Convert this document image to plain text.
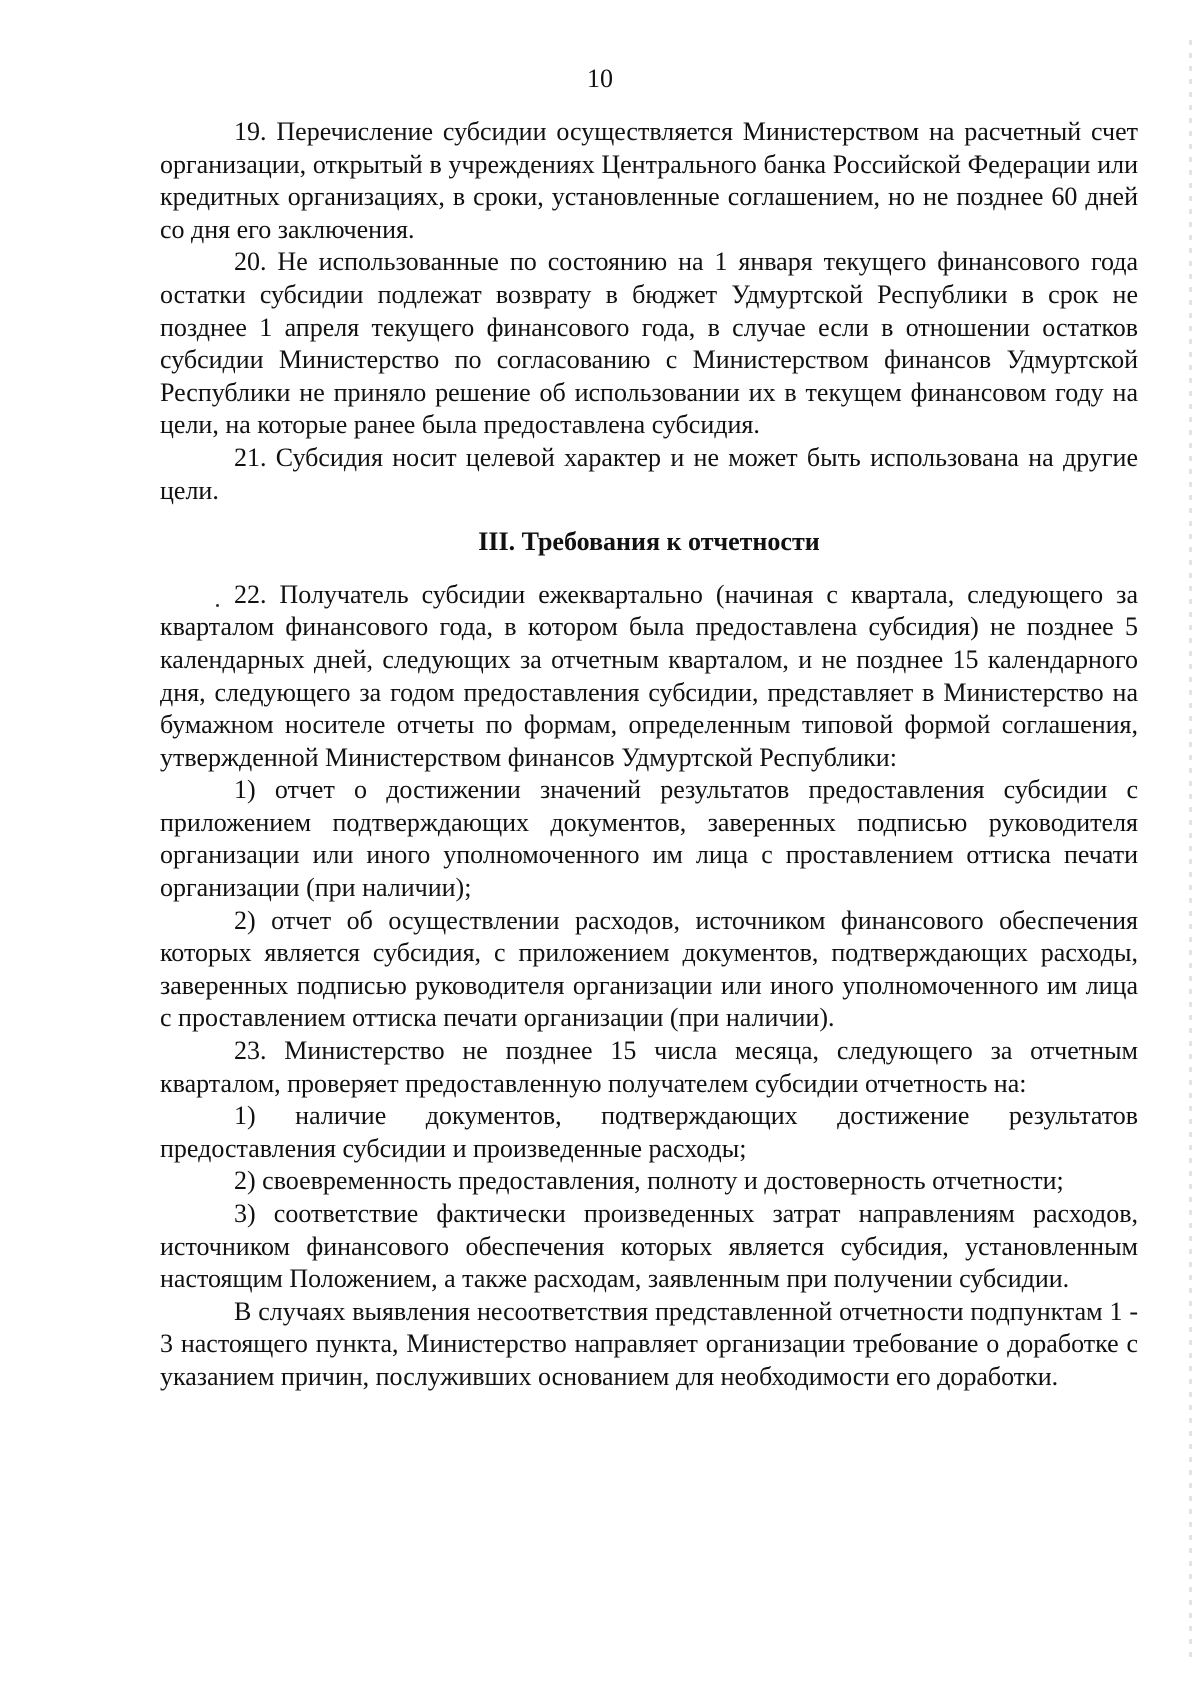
10

19. Перечисление субсидии осуществляется Министерством на расчетный счет организации, открытый в учреждениях Центрального банка Российской Федерации или кредитных организациях, в сроки, установленные соглашением, но не позднее 60 дней со дня его заключения.

20. Не использованные по состоянию на 1 января текущего финансового года остатки субсидии подлежат возврату в бюджет Удмуртской Республики в срок не позднее 1 апреля текущего финансового года, в случае если в отношении остатков субсидии Министерство по согласованию с Министерством финансов Удмуртской Республики не приняло решение об использовании их в текущем финансовом году на цели, на которые ранее была предоставлена субсидия.

21. Субсидия носит целевой характер и не может быть использована на другие цели.

III. Требования к отчетности

22. Получатель субсидии ежеквартально (начиная с квартала, следующего за кварталом финансового года, в котором была предоставлена субсидия) не позднее 5 календарных дней, следующих за отчетным кварталом, и не позднее 15 календарного дня, следующего за годом предоставления субсидии, представляет в Министерство на бумажном носителе отчеты по формам, определенным типовой формой соглашения, утвержденной Министерством финансов Удмуртской Республики:

1) отчет о достижении значений результатов предоставления субсидии с приложением подтверждающих документов, заверенных подписью руководителя организации или иного уполномоченного им лица с проставлением оттиска печати организации (при наличии);

2) отчет об осуществлении расходов, источником финансового обеспечения которых является субсидия, с приложением документов, подтверждающих расходы, заверенных подписью руководителя организации или иного уполномоченного им лица с проставлением оттиска печати организации (при наличии).

23. Министерство не позднее 15 числа месяца, следующего за отчетным кварталом, проверяет предоставленную получателем субсидии отчетность на:

1) наличие документов, подтверждающих достижение результатов предоставления субсидии и произведенные расходы;

2) своевременность предоставления, полноту и достоверность отчетности;

3) соответствие фактически произведенных затрат направлениям расходов, источником финансового обеспечения которых является субсидия, установленным настоящим Положением, а также расходам, заявленным при получении субсидии.

В случаях выявления несоответствия представленной отчетности подпунктам 1 - 3 настоящего пункта, Министерство направляет организации требование о доработке с указанием причин, послуживших основанием для необходимости его доработки.
